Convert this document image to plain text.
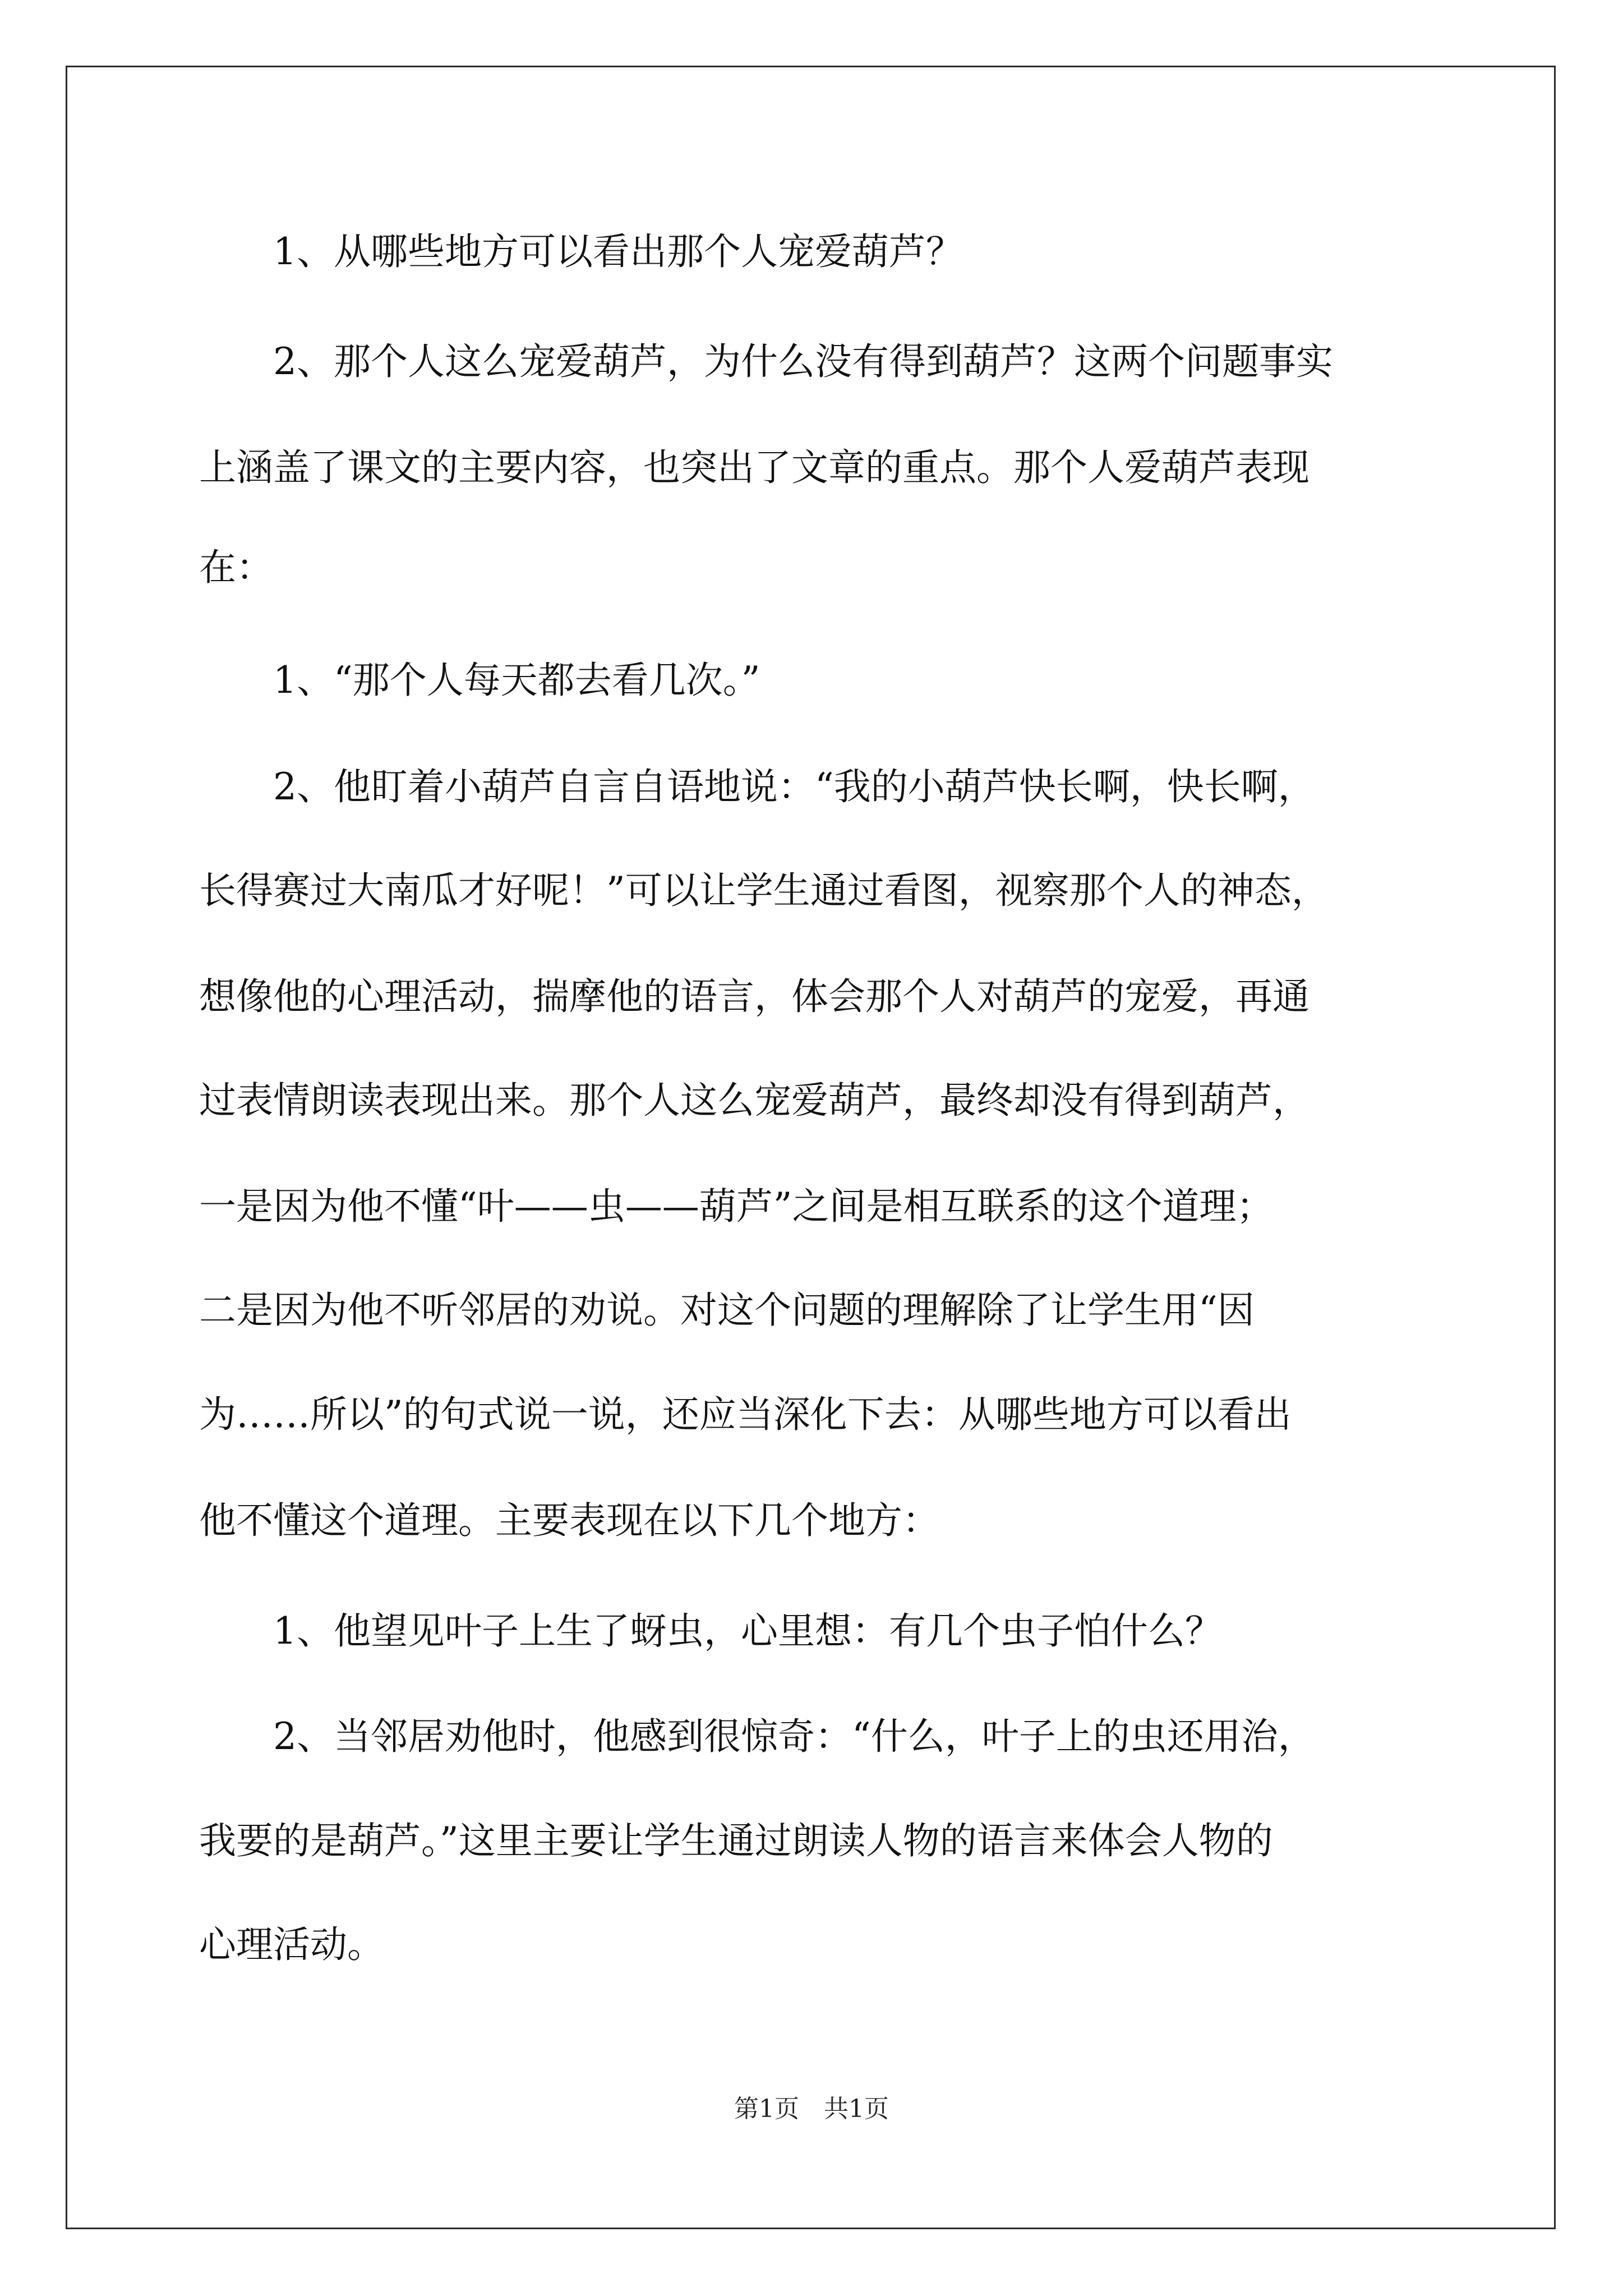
　　1、从哪些地方可以看出那个人宠爱葫芦？
　　2、那个人这么宠爱葫芦，为什么没有得到葫芦？这两个问题事实
上涵盖了课文的主要内容，也突出了文章的重点。那个人爱葫芦表现
在：
　　1、“那个人每天都去看几次。”
　　2、他盯着小葫芦自言自语地说：“我的小葫芦快长啊，快长啊，
长得赛过大南瓜才好呢！”可以让学生通过看图，视察那个人的神态，
想像他的心理活动，揣摩他的语言，体会那个人对葫芦的宠爱，再通
过表情朗读表现出来。那个人这么宠爱葫芦，最终却没有得到葫芦，
一是因为他不懂“叶——虫——葫芦”之间是相互联系的这个道理；
二是因为他不听邻居的劝说。对这个问题的理解除了让学生用“因
为……所以”的句式说一说，还应当深化下去：从哪些地方可以看出
他不懂这个道理。主要表现在以下几个地方：
　　1、他望见叶子上生了蚜虫，心里想：有几个虫子怕什么？
　　2、当邻居劝他时，他感到很惊奇：“什么，叶子上的虫还用治，
我要的是葫芦。”这里主要让学生通过朗读人物的语言来体会人物的
心理活动。
第1页　共1页
